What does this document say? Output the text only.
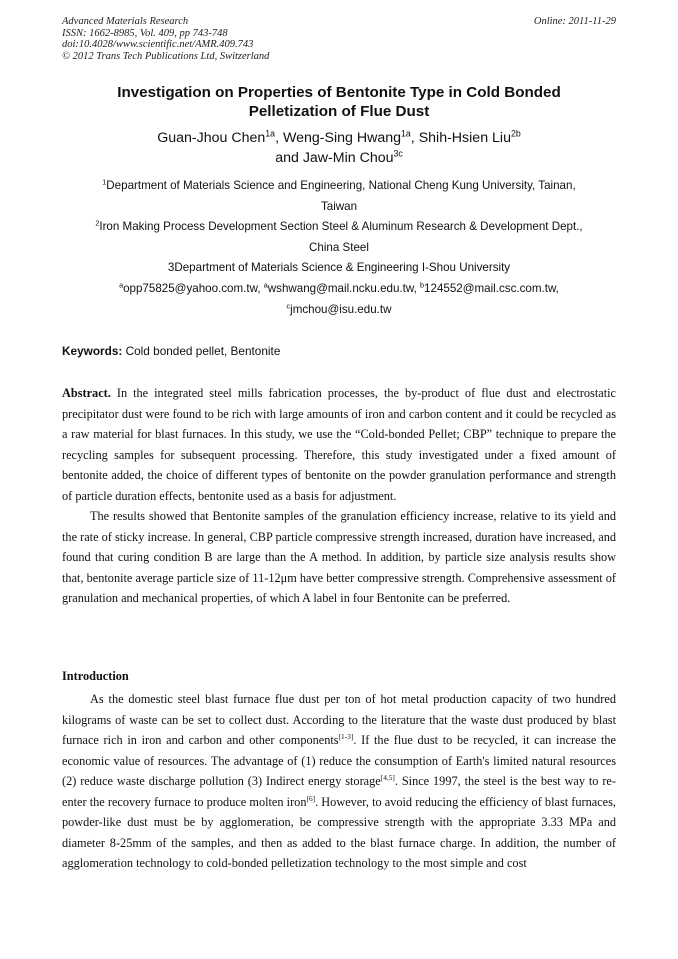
Advanced Materials Research
ISSN: 1662-8985, Vol. 409, pp 743-748
doi:10.4028/www.scientific.net/AMR.409.743
© 2012 Trans Tech Publications Ltd, Switzerland
Online: 2011-11-29
Investigation on Properties of Bentonite Type in Cold Bonded
Pelletization of Flue Dust
Guan-Jhou Chen$^{1a}$, Weng-Sing Hwang$^{1a}$, Shih-Hsien Liu$^{2b}$
and Jaw-Min Chou$^{3c}$
$^1$Department of Materials Science and Engineering, National Cheng Kung University, Tainan,
Taiwan
$^2$Iron Making Process Development Section Steel & Aluminum Research & Development Dept.,
China Steel
3Department of Materials Science & Engineering I-Shou University
$^a$opp75825@yahoo.com.tw, $^a$wshwang@mail.ncku.edu.tw, $^b$124552@mail.csc.com.tw,
$^c$jmchou@isu.edu.tw
Keywords: Cold bonded pellet, Bentonite

Abstract. In the integrated steel mills fabrication processes, the by-product of flue dust and electrostatic precipitator dust were found to be rich with large amounts of iron and carbon content and it could be recycled as a raw material for blast furnaces. In this study, we use the “Cold-bonded Pellet; CBP” technique to prepare the recycling samples for subsequent processing. Therefore, this study investigated under a fixed amount of bentonite added, the choice of different types of bentonite on the powder granulation performance and strength of particle duration effects, bentonite used as a basis for adjustment.

The results showed that Bentonite samples of the granulation efficiency increase, relative to its yield and the rate of sticky increase. In general, CBP particle compressive strength increased, duration have increased, and found that curing condition B are large than the A method. In addition, by particle size analysis results show that, bentonite average particle size of 11-12μm have better compressive strength. Comprehensive assessment of granulation and mechanical properties, of which A label in four Bentonite can be preferred.

Introduction

As the domestic steel blast furnace flue dust per ton of hot metal production capacity of two hundred kilograms of waste can be set to collect dust. According to the literature that the waste dust produced by blast furnace rich in iron and carbon and other components[1-3]. If the flue dust to be recycled, it can increase the economic value of resources. The advantage of (1) reduce the consumption of Earth's limited natural resources (2) reduce waste discharge pollution (3) Indirect energy storage[4,5]. Since 1997, the steel is the best way to re-enter the recovery furnace to produce molten iron[6]. However, to avoid reducing the efficiency of blast furnaces, powder-like dust must be by agglomeration, be compressive strength with the appropriate 3.33 MPa and diameter 8-25mm of the samples, and then as added to the blast furnace charge. In addition, the number of agglomeration technology to cold-bonded pelletization technology to the most simple and cost
